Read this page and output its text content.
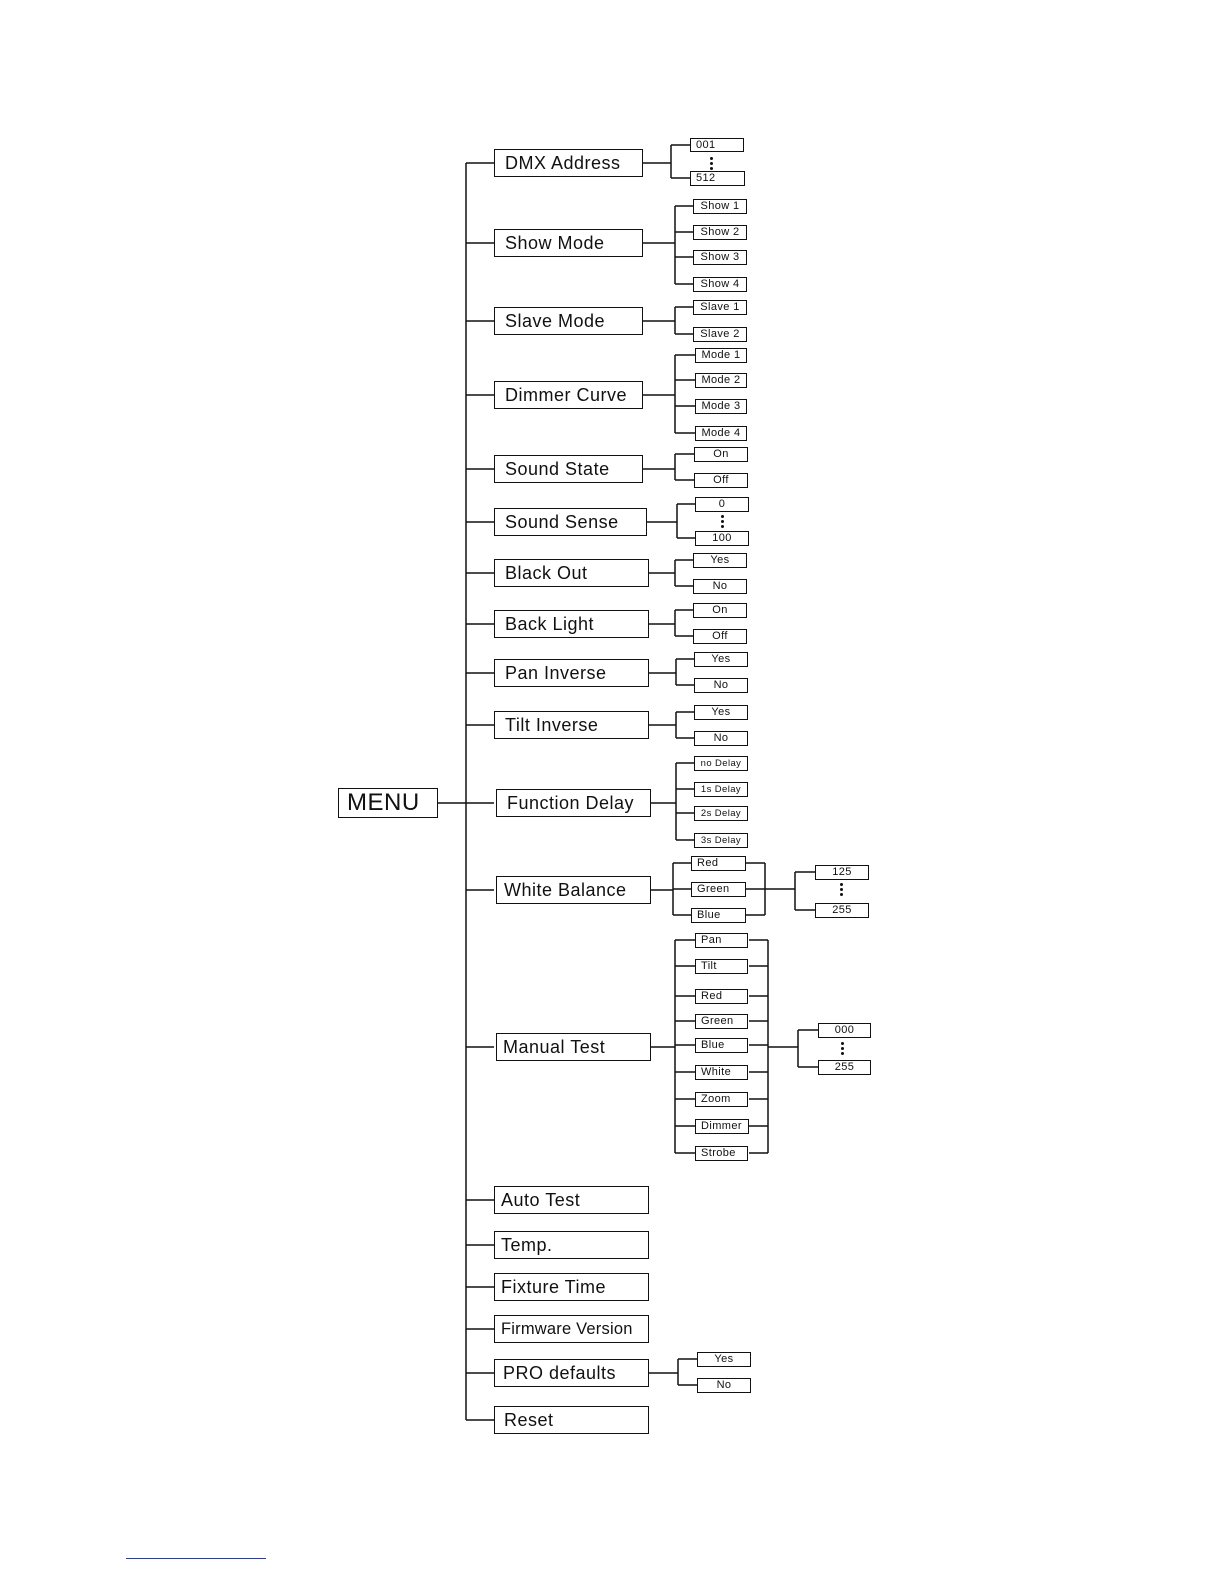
MENU
DMX Address
Show Mode
Slave Mode
Dimmer Curve
Sound State
Sound Sense
Black Out
Back Light
Pan Inverse
Tilt Inverse
Function Delay
White Balance
Manual Test
Auto Test
Temp.
Fixture Time
Firmware Version
PRO defaults
Reset
001
512
Show 1
Show 2
Show 3
Show 4
Slave 1
Slave 2
Mode 1
Mode 2
Mode 3
Mode 4
On
Off
0
100
Yes
No
On
Off
Yes
No
Yes
No
no Delay
1s Delay
2s Delay
3s Delay
Red
Green
Blue
125
255
Pan
Tilt
Red
Green
Blue
White
Zoom
Dimmer
Strobe
000
255
Yes
No
